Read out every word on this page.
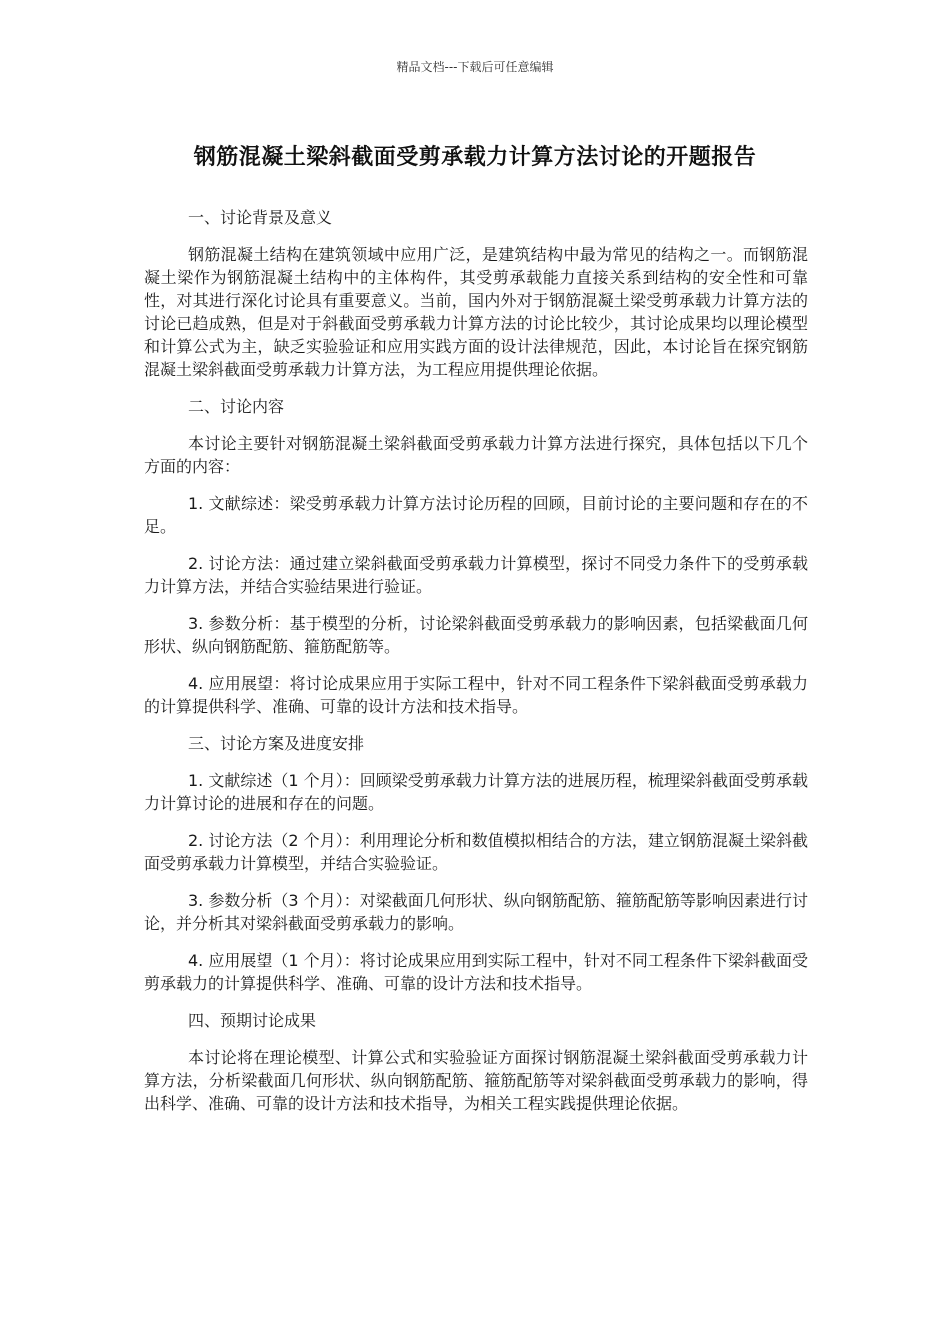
精品文档---下载后可任意编辑
钢筋混凝土梁斜截面受剪承载力计算方法讨论的开题报告
一、讨论背景及意义
钢筋混凝土结构在建筑领域中应用广泛，是建筑结构中最为常见的结构之一。而钢筋混凝土梁作为钢筋混凝土结构中的主体构件，其受剪承载能力直接关系到结构的安全性和可靠性，对其进行深化讨论具有重要意义。当前，国内外对于钢筋混凝土梁受剪承载力计算方法的讨论已趋成熟，但是对于斜截面受剪承载力计算方法的讨论比较少，其讨论成果均以理论模型和计算公式为主，缺乏实验验证和应用实践方面的设计法律规范，因此，本讨论旨在探究钢筋混凝土梁斜截面受剪承载力计算方法，为工程应用提供理论依据。
二、讨论内容
本讨论主要针对钢筋混凝土梁斜截面受剪承载力计算方法进行探究，具体包括以下几个方面的内容：
1. 文献综述：梁受剪承载力计算方法讨论历程的回顾，目前讨论的主要问题和存在的不足。
2. 讨论方法：通过建立梁斜截面受剪承载力计算模型，探讨不同受力条件下的受剪承载力计算方法，并结合实验结果进行验证。
3. 参数分析：基于模型的分析，讨论梁斜截面受剪承载力的影响因素，包括梁截面几何形状、纵向钢筋配筋、箍筋配筋等。
4. 应用展望：将讨论成果应用于实际工程中，针对不同工程条件下梁斜截面受剪承载力的计算提供科学、准确、可靠的设计方法和技术指导。
三、讨论方案及进度安排
1. 文献综述（1 个月）：回顾梁受剪承载力计算方法的进展历程，梳理梁斜截面受剪承载力计算讨论的进展和存在的问题。
2. 讨论方法（2 个月）：利用理论分析和数值模拟相结合的方法，建立钢筋混凝土梁斜截面受剪承载力计算模型，并结合实验验证。
3. 参数分析（3 个月）：对梁截面几何形状、纵向钢筋配筋、箍筋配筋等影响因素进行讨论，并分析其对梁斜截面受剪承载力的影响。
4. 应用展望（1 个月）：将讨论成果应用到实际工程中，针对不同工程条件下梁斜截面受剪承载力的计算提供科学、准确、可靠的设计方法和技术指导。
四、预期讨论成果
本讨论将在理论模型、计算公式和实验验证方面探讨钢筋混凝土梁斜截面受剪承载力计算方法，分析梁截面几何形状、纵向钢筋配筋、箍筋配筋等对梁斜截面受剪承载力的影响，得出科学、准确、可靠的设计方法和技术指导，为相关工程实践提供理论依据。
